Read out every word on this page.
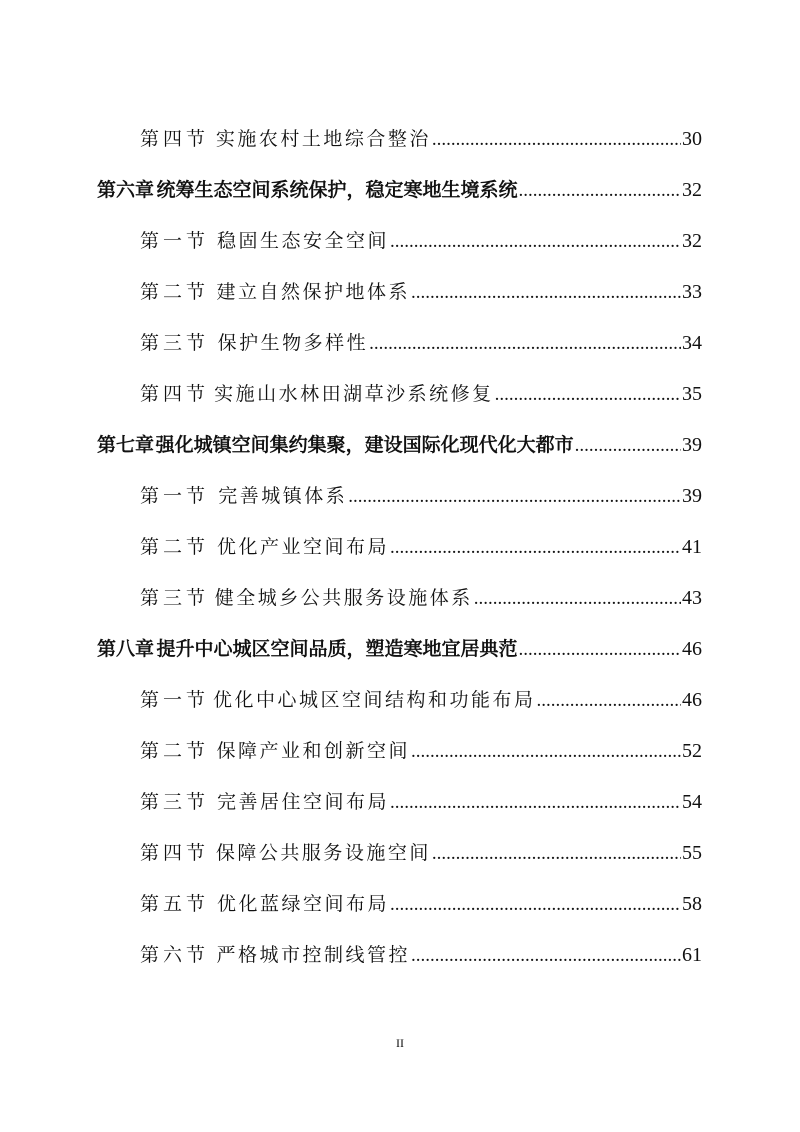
第四节 实施农村土地综合整治 .....	30
第六章 统筹生态空间系统保护，稳定寒地生境系统 .....	32
第一节 稳固生态安全空间 .....	32
第二节 建立自然保护地体系 .....	33
第三节 保护生物多样性 .....	34
第四节 实施山水林田湖草沙系统修复 .....	35
第七章 强化城镇空间集约集聚，建设国际化现代化大都市 .....	39
第一节 完善城镇体系 .....	39
第二节 优化产业空间布局 .....	41
第三节 健全城乡公共服务设施体系 .....	43
第八章 提升中心城区空间品质，塑造寒地宜居典范 .....	46
第一节 优化中心城区空间结构和功能布局 .....	46
第二节 保障产业和创新空间 .....	52
第三节 完善居住空间布局 .....	54
第四节 保障公共服务设施空间 .....	55
第五节 优化蓝绿空间布局 .....	58
第六节 严格城市控制线管控 .....	61
II
